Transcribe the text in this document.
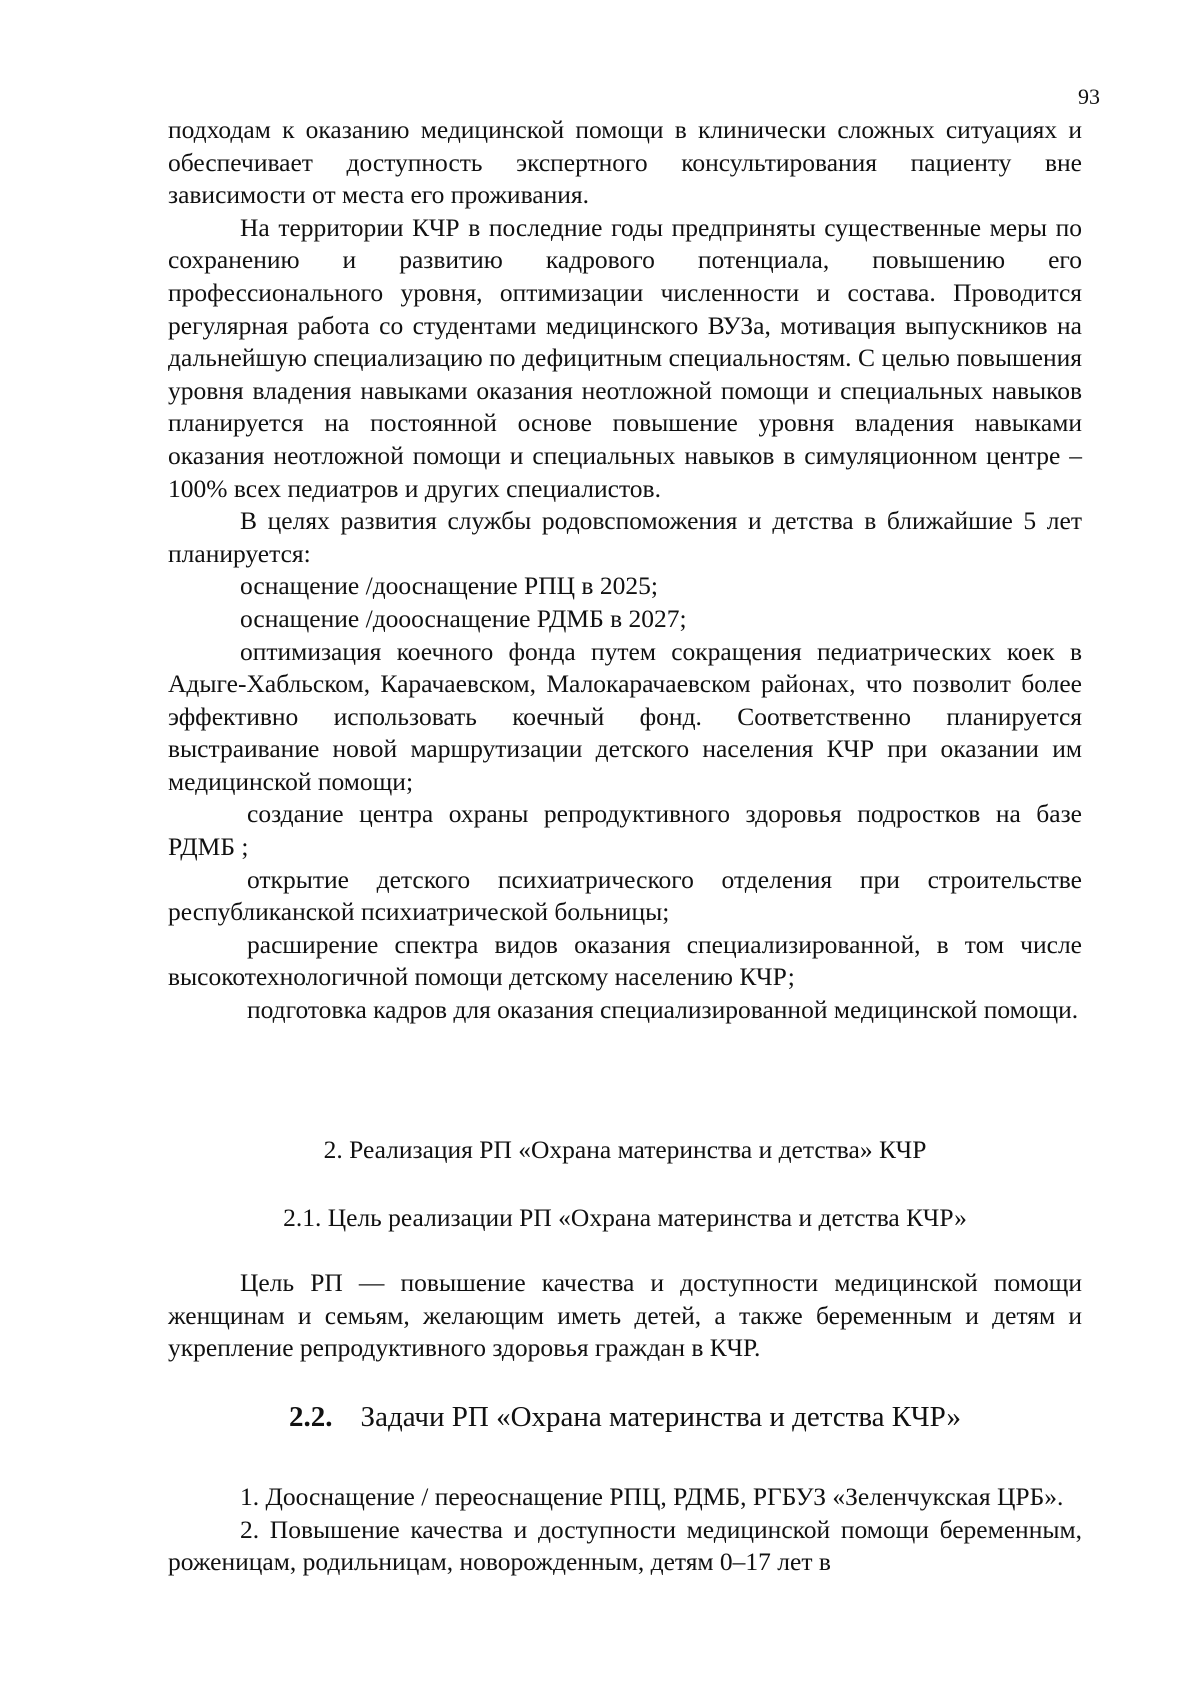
93

подходам к оказанию медицинской помощи в клинически сложных ситуациях и обеспечивает доступность экспертного консультирования пациенту вне зависимости от места его проживания.

На территории КЧР в последние годы предприняты существенные меры по сохранению и развитию кадрового потенциала, повышению его профессионального уровня, оптимизации численности и состава. Проводится регулярная работа со студентами медицинского ВУЗа, мотивация выпускников на дальнейшую специализацию по дефицитным специальностям. С целью повышения уровня владения навыками оказания неотложной помощи и специальных навыков планируется на постоянной основе повышение уровня владения навыками оказания неотложной помощи и специальных навыков в симуляционном центре – 100% всех педиатров и других специалистов.

В целях развития службы родовспоможения и детства в ближайшие 5 лет планируется:

оснащение /дооснащение РПЦ в 2025;

оснащение /доооснащение РДМБ в 2027;

оптимизация коечного фонда путем сокращения педиатрических коек в Адыге-Хабльском, Карачаевском, Малокарачаевском районах, что позволит более эффективно использовать коечный фонд. Соответственно планируется выстраивание новой маршрутизации детского населения КЧР при оказании им медицинской помощи;

создание центра охраны репродуктивного здоровья подростков на базе РДМБ ;

открытие детского психиатрического отделения при строительстве республиканской психиатрической больницы;

расширение спектра видов оказания специализированной, в том числе высокотехнологичной помощи детскому населению КЧР;

подготовка кадров для оказания специализированной медицинской помощи.

2. Реализация РП «Охрана материнства и детства» КЧР
2.1. Цель реализации РП «Охрана материнства и детства КЧР»

Цель РП — повышение качества и доступности медицинской помощи женщинам и семьям, желающим иметь детей, а также беременным и детям и укрепление репродуктивного здоровья граждан в КЧР.

2.2. Задачи РП «Охрана материнства и детства КЧР»

1. Дооснащение / переоснащение РПЦ, РДМБ, РГБУЗ «Зеленчукская ЦРБ».

2. Повышение качества и доступности медицинской помощи беременным, роженицам, родильницам, новорожденным, детям 0–17 лет в
